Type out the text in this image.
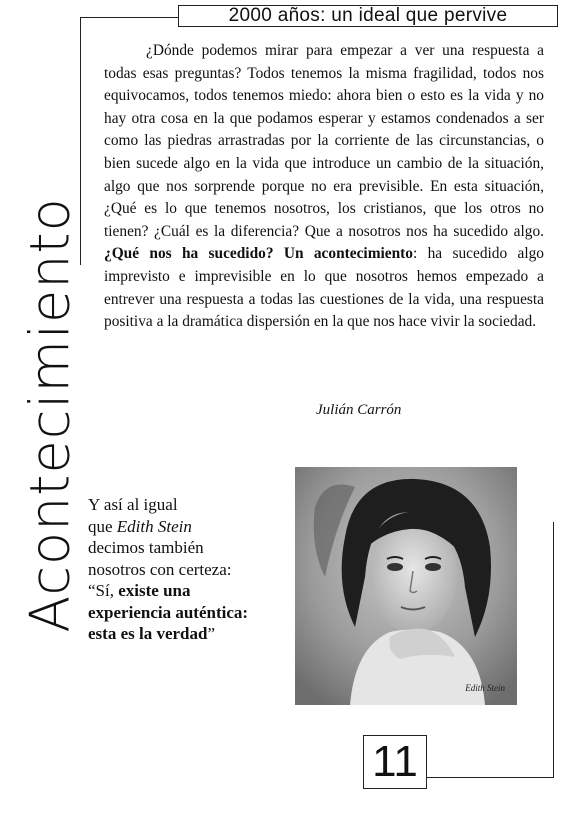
2000 años: un ideal que pervive
Acontecimiento

¿Dónde podemos mirar para empezar a ver una respuesta a todas esas preguntas? Todos tenemos la misma fragilidad, todos nos equivocamos, todos tenemos miedo: ahora bien o esto es la vida y no hay otra cosa en la que podamos esperar y estamos condenados a ser como las piedras arrastradas por la corriente de las circunstancias, o bien sucede algo en la vida que introduce un cambio de la situación, algo que nos sorprende porque no era previsible. En esta situación, ¿Qué es lo que tenemos nosotros, los cristianos, que los otros no tienen? ¿Cuál es la diferencia? Que a nosotros nos ha sucedido algo. ¿Qué nos ha sucedido? Un acontecimiento: ha sucedido algo imprevisto e imprevisible en lo que nosotros hemos empezado a entrever una respuesta a todas las cuestiones de la vida, una respuesta positiva a la dramática dispersión en la que nos hace vivir la sociedad.

Julián Carrón
Y así al igual
que Edith Stein
decimos también
nosotros con certeza:
“Sí, existe una
experiencia auténtica:
esta es la verdad”
Edith Stein
11
